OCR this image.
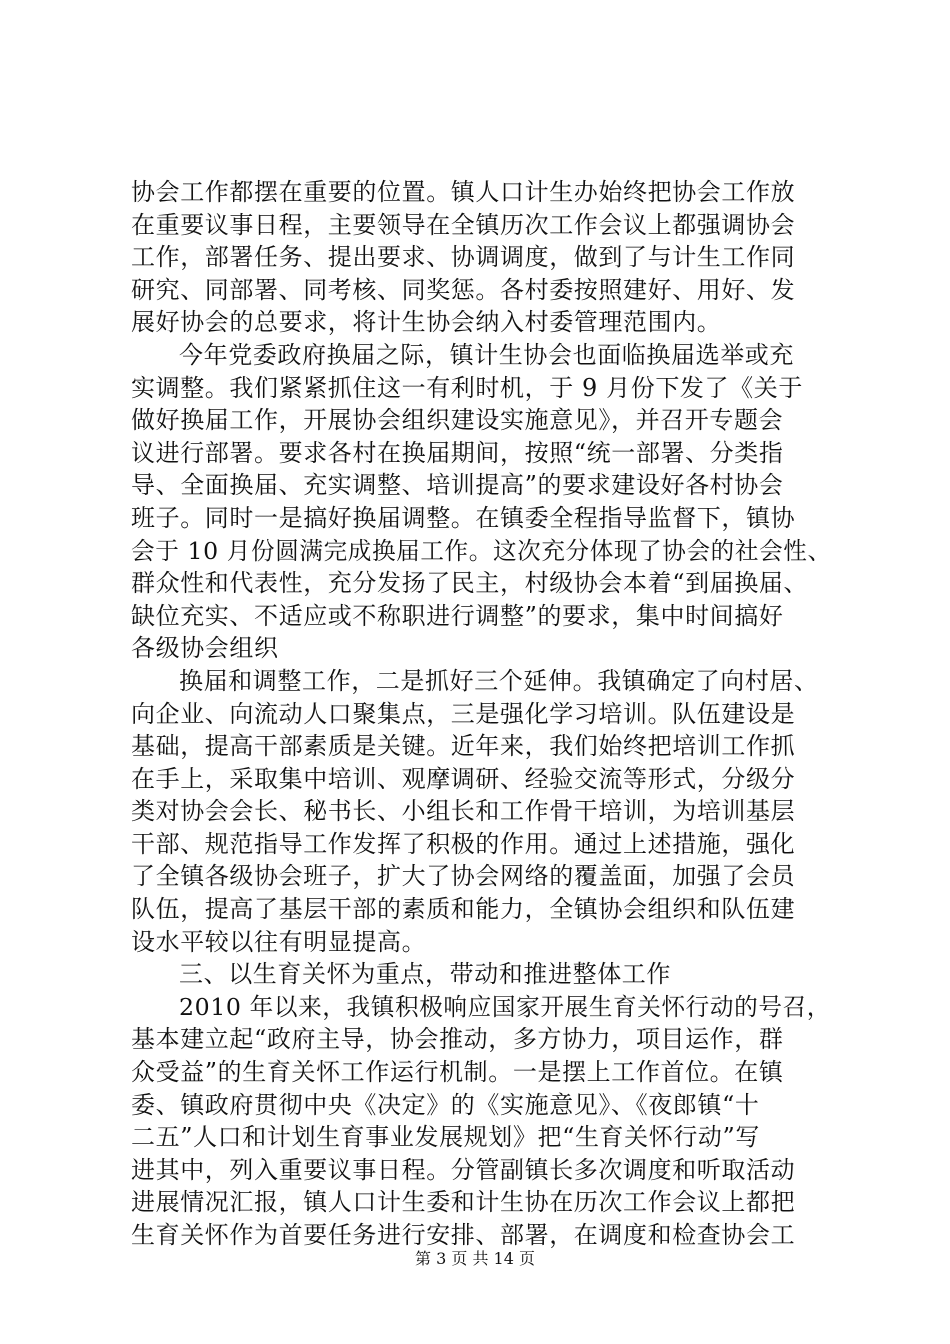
协会工作都摆在重要的位置。镇人口计生办始终把协会工作放
在重要议事日程，主要领导在全镇历次工作会议上都强调协会
工作，部署任务、提出要求、协调调度，做到了与计生工作同
研究、同部署、同考核、同奖惩。各村委按照建好、用好、发
展好协会的总要求，将计生协会纳入村委管理范围内。
今年党委政府换届之际，镇计生协会也面临换届选举或充
实调整。我们紧紧抓住这一有利时机，于 9 月份下发了《关于
做好换届工作，开展协会组织建设实施意见》，并召开专题会
议进行部署。要求各村在换届期间，按照“统一部署、分类指
导、全面换届、充实调整、培训提高”的要求建设好各村协会
班子。同时一是搞好换届调整。在镇委全程指导监督下，镇协
会于 10 月份圆满完成换届工作。这次充分体现了协会的社会性、
群众性和代表性，充分发扬了民主，村级协会本着“到届换届、
缺位充实、不适应或不称职进行调整”的要求，集中时间搞好
各级协会组织
换届和调整工作，二是抓好三个延伸。我镇确定了向村居、
向企业、向流动人口聚集点，三是强化学习培训。队伍建设是
基础，提高干部素质是关键。近年来，我们始终把培训工作抓
在手上，采取集中培训、观摩调研、经验交流等形式，分级分
类对协会会长、秘书长、小组长和工作骨干培训，为培训基层
干部、规范指导工作发挥了积极的作用。通过上述措施，强化
了全镇各级协会班子，扩大了协会网络的覆盖面，加强了会员
队伍，提高了基层干部的素质和能力，全镇协会组织和队伍建
设水平较以往有明显提高。
三、以生育关怀为重点，带动和推进整体工作
2010 年以来，我镇积极响应国家开展生育关怀行动的号召，
基本建立起“政府主导，协会推动，多方协力，项目运作，群
众受益”的生育关怀工作运行机制。一是摆上工作首位。在镇
委、镇政府贯彻中央《决定》的《实施意见》、《夜郎镇“十
二五”人口和计划生育事业发展规划》把“生育关怀行动”写
进其中，列入重要议事日程。分管副镇长多次调度和听取活动
进展情况汇报，镇人口计生委和计生协在历次工作会议上都把
生育关怀作为首要任务进行安排、部署，在调度和检查协会工
第 3 页 共 14 页
